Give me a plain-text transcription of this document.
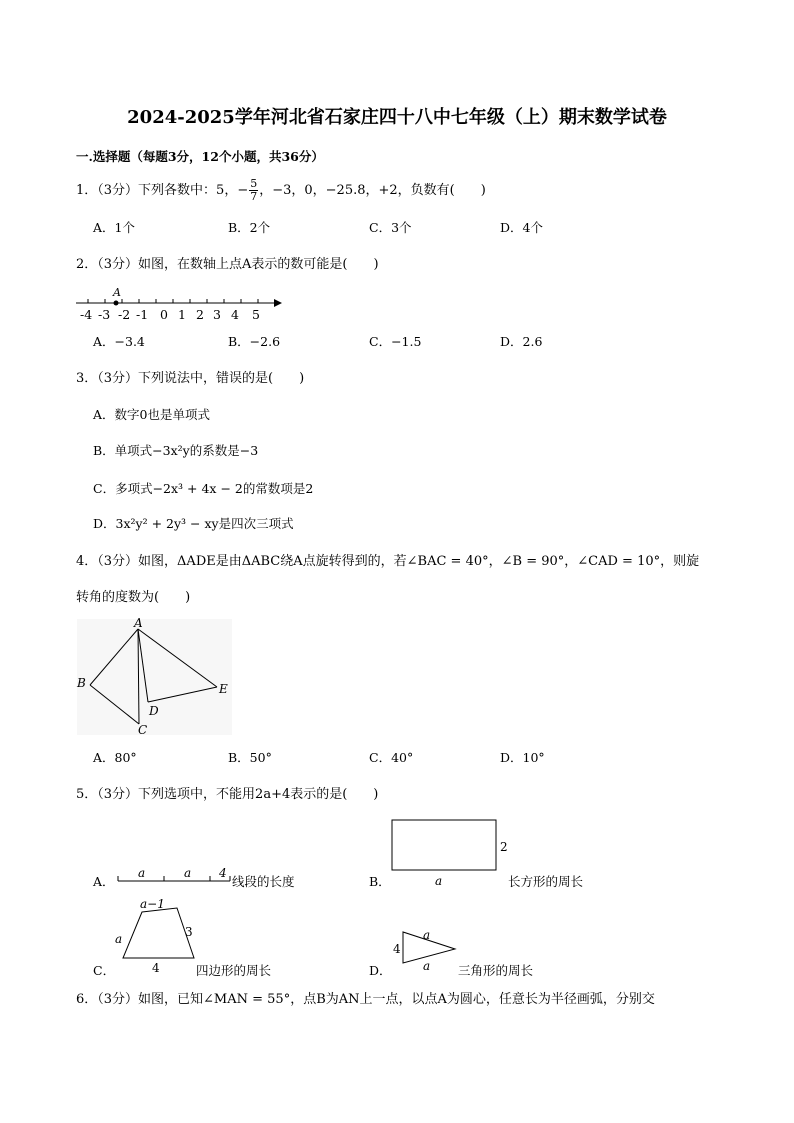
2024-2025学年河北省石家庄四十八中七年级（上）期末数学试卷
一.选择题（每题3分，12个小题，共36分）
1．（3分）下列各数中：5，− $\frac{5}{7}$ ，−3，0，−25.8，+2，负数有(　　)
A．1个	B．2个	C．3个	D．4个
2．（3分）如图，在数轴上点A表示的数可能是(　　)
A
-4 -3 -2 -1 0 1 2 3 4 5
A．−3.4	B．−2.6	C．−1.5	D．2.6
3．（3分）下列说法中，错误的是(　　)
A．数字0也是单项式
B．单项式−3x²y的系数是−3
C．多项式−2x³ + 4x − 2的常数项是2
D．3x²y² + 2y³ − xy是四次三项式
4．（3分）如图，ΔADE是由ΔABC绕A点旋转得到的，若∠BAC = 40°，∠B = 90°，∠CAD = 10°，则旋
转角的度数为(　　)
A
B
C
D
E
A．80°	B．50°	C．40°	D．10°
5．（3分）下列选项中，不能用2a+4表示的是(　　)
A．
a	a 4
线段的长度	B．
2
a	长方形的周长
C．
a−1
a	3
4	四边形的周长	D．
4
a
a 三角形的周长
6．（3分）如图，已知∠MAN = 55°，点B为AN上一点，以点A为圆心，任意长为半径画弧，分别交
